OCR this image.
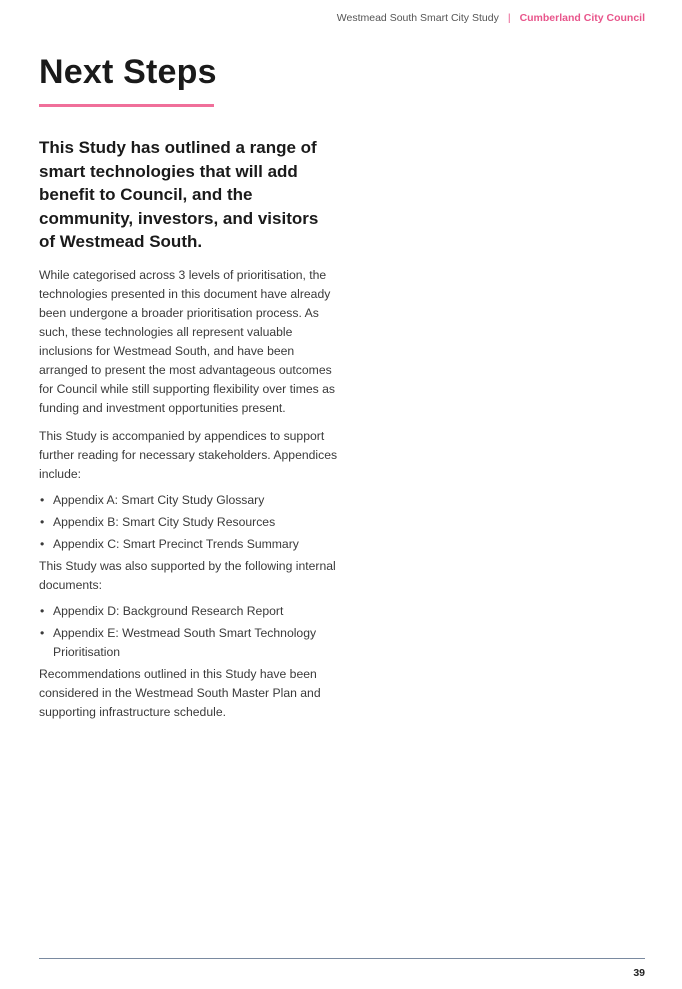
Westmead South Smart City Study | Cumberland City Council
Next Steps

This Study has outlined a range of smart technologies that will add benefit to Council, and the community, investors, and visitors of Westmead South.

While categorised across 3 levels of prioritisation, the technologies presented in this document have already been undergone a broader prioritisation process. As such, these technologies all represent valuable inclusions for Westmead South, and have been arranged to present the most advantageous outcomes for Council while still supporting flexibility over times as funding and investment opportunities present.

This Study is accompanied by appendices to support further reading for necessary stakeholders. Appendices include:

• Appendix A: Smart City Study Glossary
• Appendix B: Smart City Study Resources
• Appendix C: Smart Precinct Trends Summary

This Study was also supported by the following internal documents:

• Appendix D: Background Research Report
• Appendix E: Westmead South Smart Technology Prioritisation

Recommendations outlined in this Study have been considered in the Westmead South Master Plan and supporting infrastructure schedule.

39
